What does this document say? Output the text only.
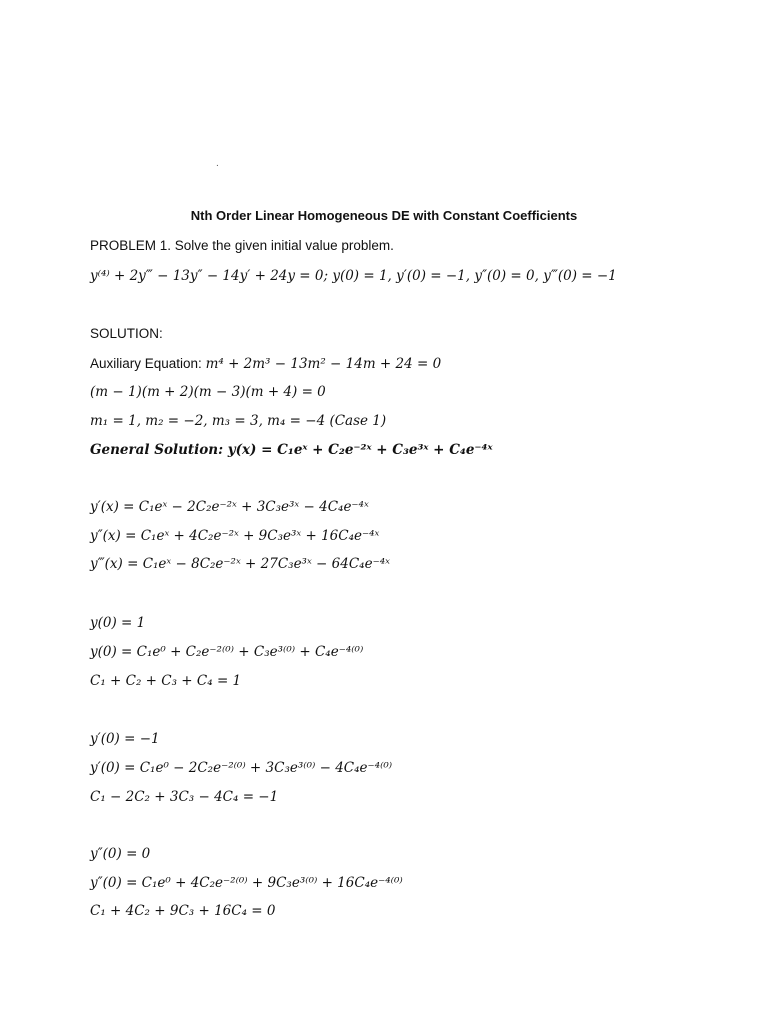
.
Nth Order Linear Homogeneous DE with Constant Coefficients
PROBLEM 1. Solve the given initial value problem.
y⁽⁴⁾ + 2y‴ − 13y″ − 14y′ + 24y = 0; y(0) = 1, y′(0) = −1, y″(0) = 0, y‴(0) = −1
SOLUTION:
Auxiliary Equation: m⁴ + 2m³ − 13m² − 14m + 24 = 0
(m − 1)(m + 2)(m − 3)(m + 4) = 0
m₁ = 1, m₂ = −2, m₃ = 3, m₄ = −4 (Case 1)
General Solution: y(x) = C₁eˣ + C₂e⁻²ˣ + C₃e³ˣ + C₄e⁻⁴ˣ
y′(x) = C₁eˣ − 2C₂e⁻²ˣ + 3C₃e³ˣ − 4C₄e⁻⁴ˣ
y″(x) = C₁eˣ + 4C₂e⁻²ˣ + 9C₃e³ˣ + 16C₄e⁻⁴ˣ
y‴(x) = C₁eˣ − 8C₂e⁻²ˣ + 27C₃e³ˣ − 64C₄e⁻⁴ˣ
y(0) = 1
y(0) = C₁e⁰ + C₂e⁻²⁽⁰⁾ + C₃e³⁽⁰⁾ + C₄e⁻⁴⁽⁰⁾
C₁ + C₂ + C₃ + C₄ = 1
y′(0) = −1
y′(0) = C₁e⁰ − 2C₂e⁻²⁽⁰⁾ + 3C₃e³⁽⁰⁾ − 4C₄e⁻⁴⁽⁰⁾
C₁ − 2C₂ + 3C₃ − 4C₄ = −1
y″(0) = 0
y″(0) = C₁e⁰ + 4C₂e⁻²⁽⁰⁾ + 9C₃e³⁽⁰⁾ + 16C₄e⁻⁴⁽⁰⁾
C₁ + 4C₂ + 9C₃ + 16C₄ = 0
